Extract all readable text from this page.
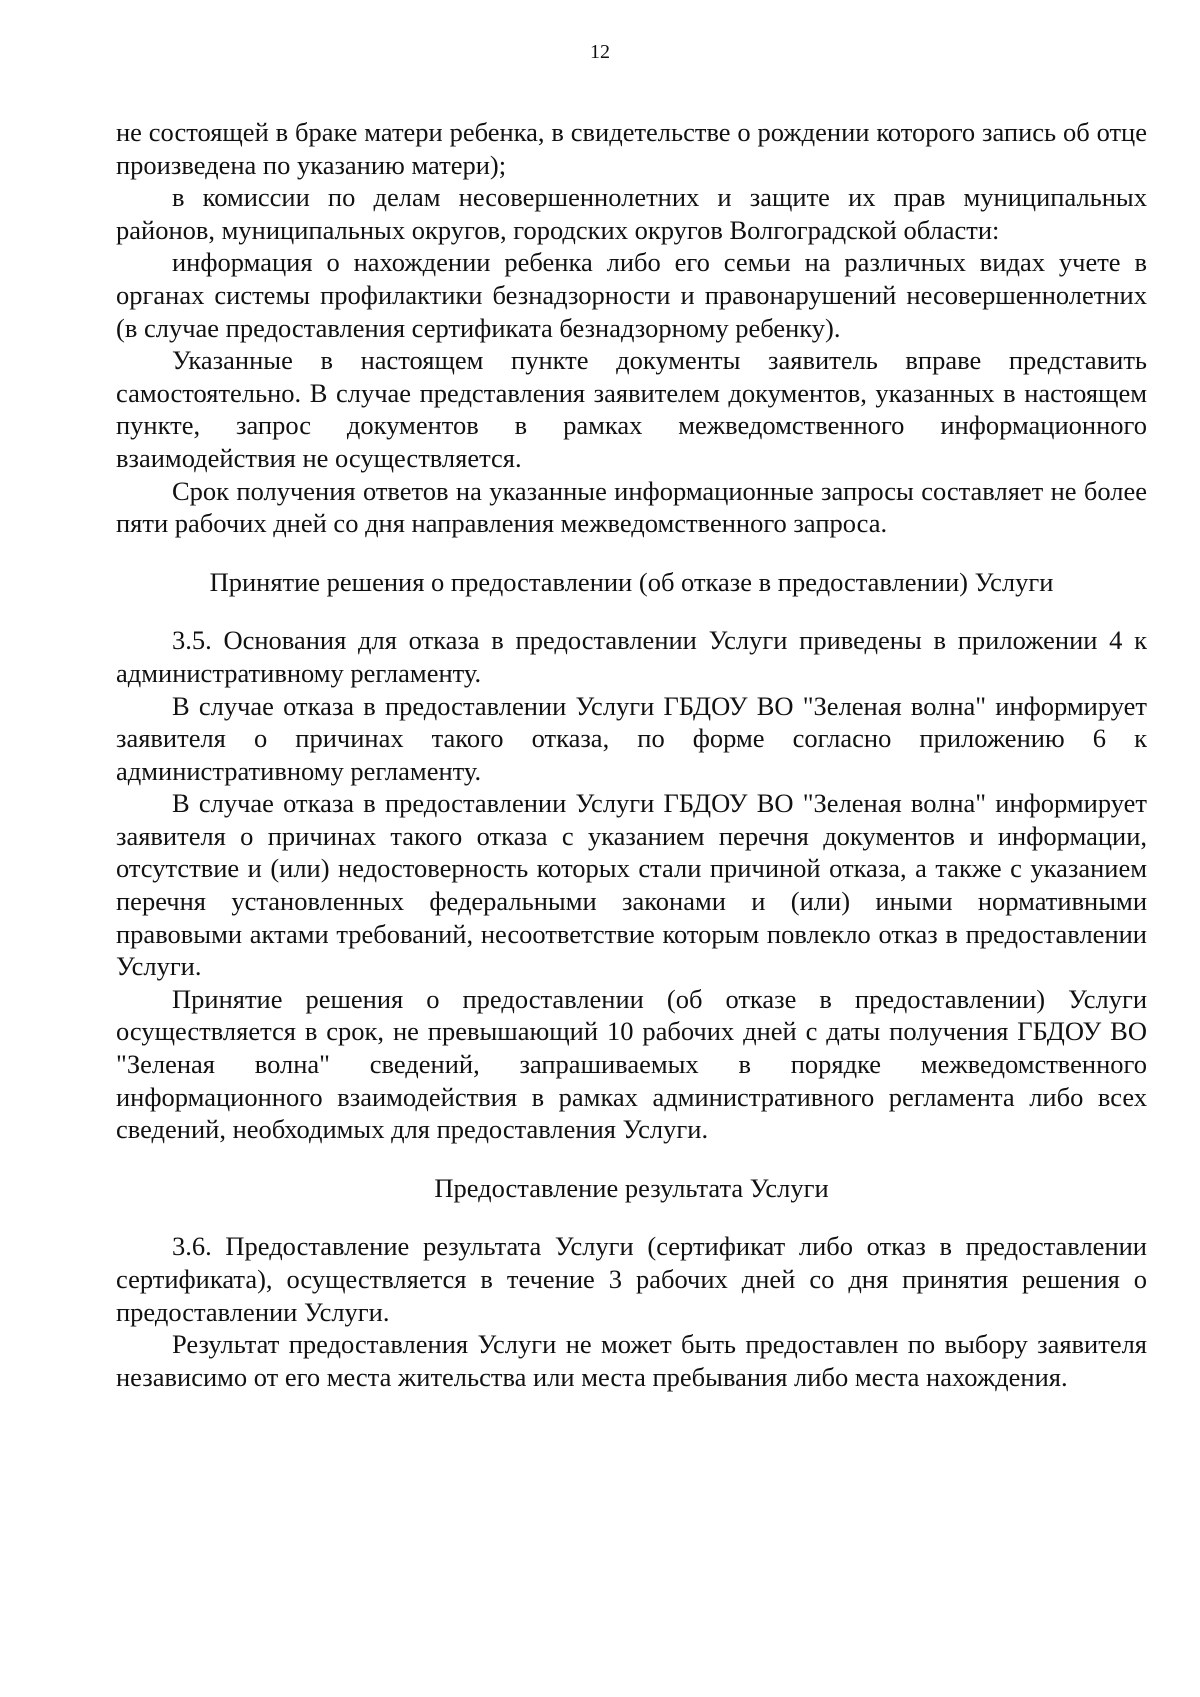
12

не состоящей в браке матери ребенка, в свидетельстве о рождении которого запись об отце произведена по указанию матери);

в комиссии по делам несовершеннолетних и защите их прав муниципальных районов, муниципальных округов, городских округов Волгоградской области:

информация о нахождении ребенка либо его семьи на различных видах учете в органах системы профилактики безнадзорности и правонарушений несовершеннолетних (в случае предоставления сертификата безнадзорному ребенку).

Указанные в настоящем пункте документы заявитель вправе представить самостоятельно. В случае представления заявителем документов, указанных в настоящем пункте, запрос документов в рамках межведомственного информационного взаимодействия не осуществляется.

Срок получения ответов на указанные информационные запросы составляет не более пяти рабочих дней со дня направления межведомственного запроса.

Принятие решения о предоставлении (об отказе в предоставлении) Услуги

3.5. Основания для отказа в предоставлении Услуги приведены в приложении 4 к административному регламенту.

В случае отказа в предоставлении Услуги ГБДОУ ВО "Зеленая волна" информирует заявителя о причинах такого отказа, по форме согласно приложению 6 к административному регламенту.

В случае отказа в предоставлении Услуги ГБДОУ ВО "Зеленая волна" информирует заявителя о причинах такого отказа с указанием перечня документов и информации, отсутствие и (или) недостоверность которых стали причиной отказа, а также с указанием перечня установленных федеральными законами и (или) иными нормативными правовыми актами требований, несоответствие которым повлекло отказ в предоставлении Услуги.

Принятие решения о предоставлении (об отказе в предоставлении) Услуги осуществляется в срок, не превышающий 10 рабочих дней с даты получения ГБДОУ ВО "Зеленая волна" сведений, запрашиваемых в порядке межведомственного информационного взаимодействия в рамках административного регламента либо всех сведений, необходимых для предоставления Услуги.

Предоставление результата Услуги

3.6. Предоставление результата Услуги (сертификат либо отказ в предоставлении сертификата), осуществляется в течение 3 рабочих дней со дня принятия решения о предоставлении Услуги.

Результат предоставления Услуги не может быть предоставлен по выбору заявителя независимо от его места жительства или места пребывания либо места нахождения.
